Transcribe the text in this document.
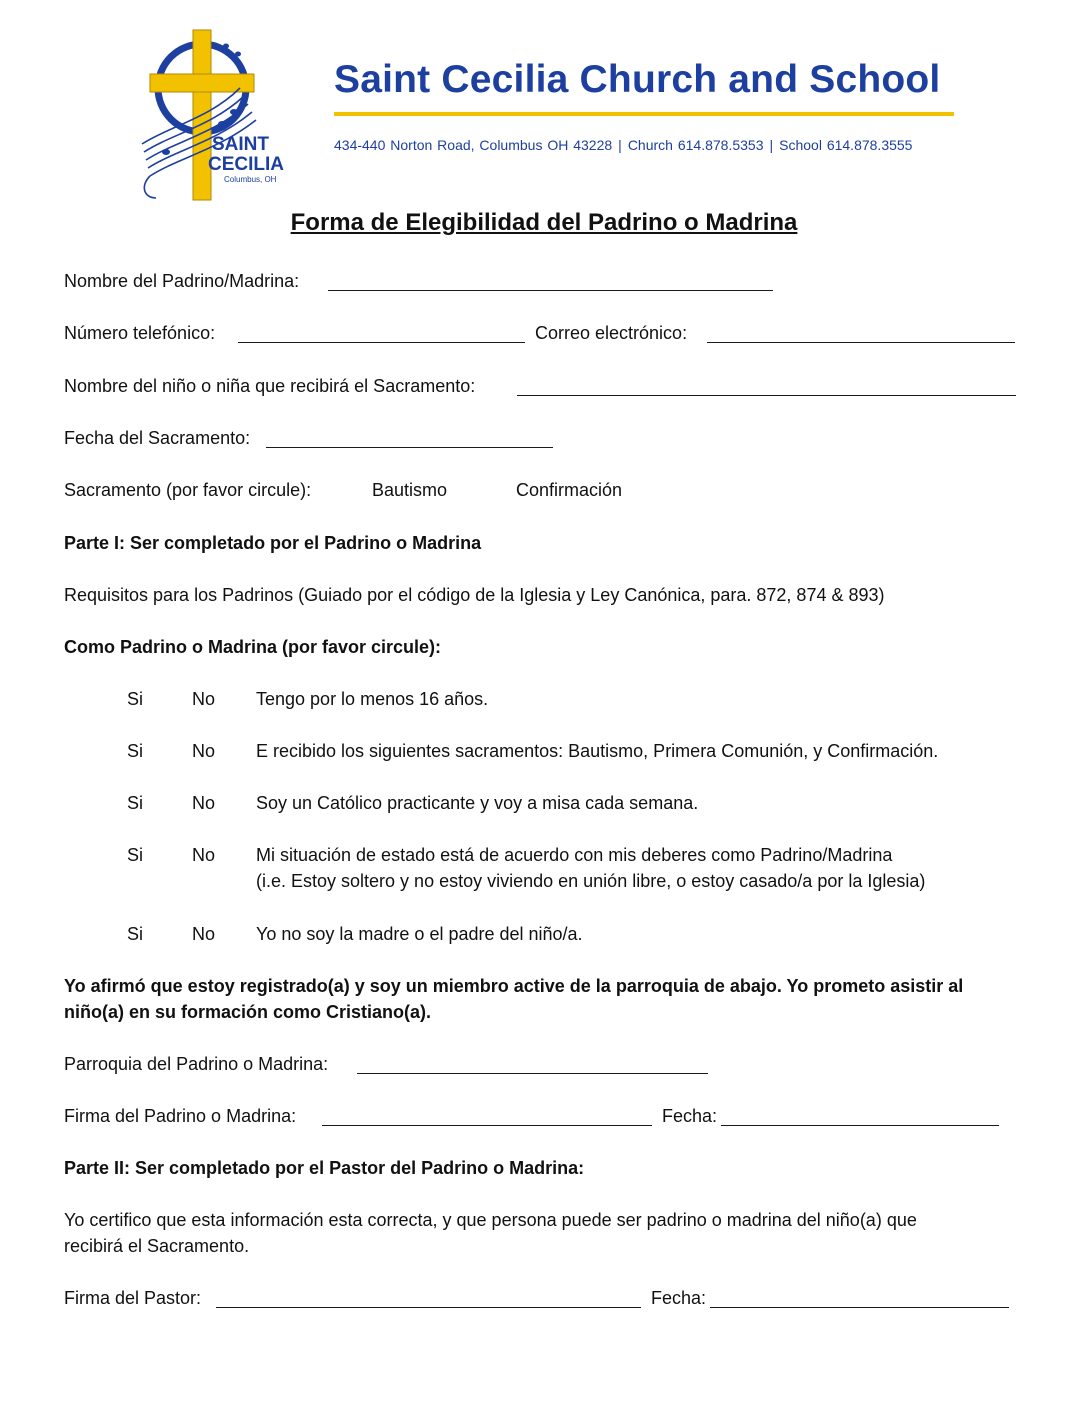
SAINT
CECILIA
Columbus, OH
Saint Cecilia Church and School
434-440 Norton Road, Columbus OH 43228 | Church 614.878.5353 | School 614.878.3555
Forma de Elegibilidad del Padrino o Madrina
Nombre del Padrino/Madrina:
Número telefónico:	Correo electrónico:
Nombre del niño o niña que recibirá el Sacramento:
Fecha del Sacramento:
Sacramento (por favor circule):	Bautismo	Confirmación
Parte I: Ser completado por el Padrino o Madrina
Requisitos para los Padrinos (Guiado por el código de la Iglesia y Ley Canónica, para. 872, 874 & 893)
Como Padrino o Madrina (por favor circule):
Si	No Tengo por lo menos 16 años.
Si	No E recibido los siguientes sacramentos: Bautismo, Primera Comunión, y Confirmación.
Si	No Soy un Católico practicante y voy a misa cada semana.
Si	No Mi situación de estado está de acuerdo con mis deberes como Padrino/Madrina
(i.e. Estoy soltero y no estoy viviendo en unión libre, o estoy casado/a por la Iglesia)
Si	No Yo no soy la madre o el padre del niño/a.
Yo afirmó que estoy registrado(a) y soy un miembro active de la parroquia de abajo. Yo prometo asistir al
niño(a) en su formación como Cristiano(a).
Parroquia del Padrino o Madrina:
Firma del Padrino o Madrina:	Fecha:
Parte II: Ser completado por el Pastor del Padrino o Madrina:
Yo certifico que esta información esta correcta, y que persona puede ser padrino o madrina del niño(a) que
recibirá el Sacramento.
Firma del Pastor:	Fecha:
